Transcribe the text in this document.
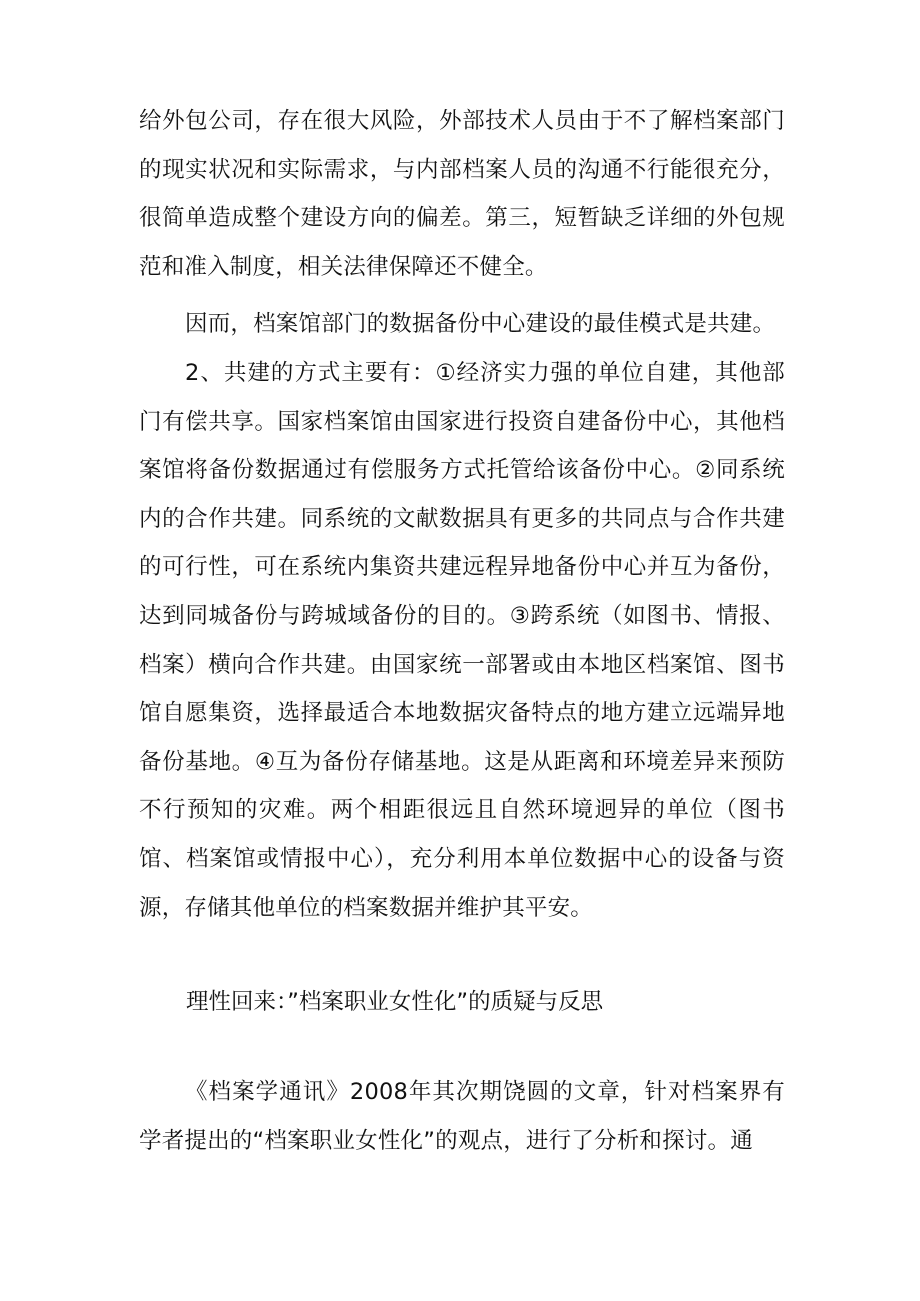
给外包公司，存在很大风险，外部技术人员由于不了解档案部门的现实状况和实际需求，与内部档案人员的沟通不行能很充分，很简单造成整个建设方向的偏差。第三，短暂缺乏详细的外包规范和准入制度，相关法律保障还不健全。

因而，档案馆部门的数据备份中心建设的最佳模式是共建。

2、共建的方式主要有：①经济实力强的单位自建，其他部门有偿共享。国家档案馆由国家进行投资自建备份中心，其他档案馆将备份数据通过有偿服务方式托管给该备份中心。②同系统内的合作共建。同系统的文献数据具有更多的共同点与合作共建的可行性，可在系统内集资共建远程异地备份中心并互为备份，达到同城备份与跨城域备份的目的。③跨系统（如图书、情报、档案）横向合作共建。由国家统一部署或由本地区档案馆、图书馆自愿集资，选择最适合本地数据灾备特点的地方建立远端异地备份基地。④互为备份存储基地。这是从距离和环境差异来预防不行预知的灾难。两个相距很远且自然环境迥异的单位（图书馆、档案馆或情报中心），充分利用本单位数据中心的设备与资源，存储其他单位的档案数据并维护其平安。

理性回来：”档案职业女性化”的质疑与反思

《档案学通讯》2008年其次期饶圆的文章，针对档案界有学者提出的“档案职业女性化”的观点，进行了分析和探讨。通
